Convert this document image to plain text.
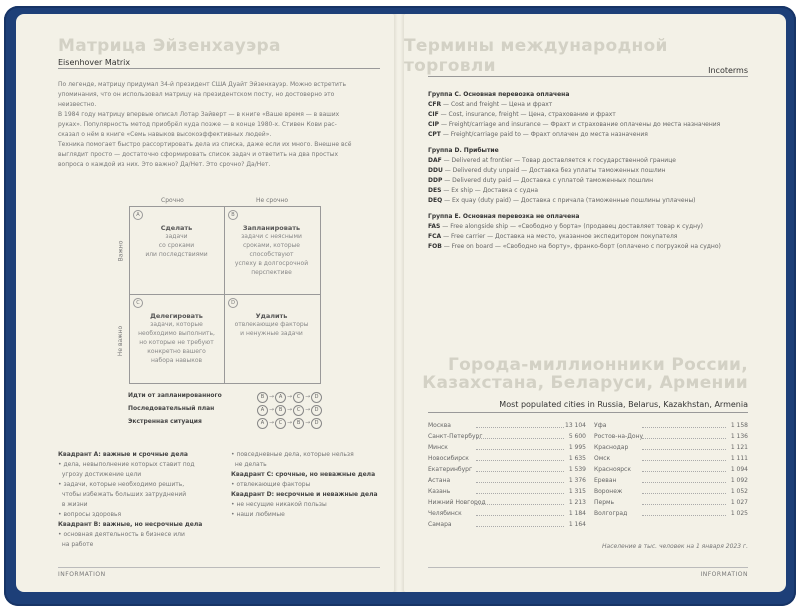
Матрица Эйзенхауэра
Eisenhover Matrix
По легенде, матрицу придумал 34-й президент США Дуайт Эйзенхауэр. Можно встретить
упоминания, что он использовал матрицу на президентском посту, но достоверно это
неизвестно.
В 1984 году матрицу впервые описал Лотар Зайверт — в книге «Ваше время — в ваших
руках». Популярность метод приобрёл куда позже — в конце 1980-х. Стивен Кови рас-
сказал о нём в книге «Семь навыков высокоэффективных людей».
Техника помогает быстро рассортировать дела из списка, даже если их много. Внешне всё
выглядит просто — достаточно сформировать список задач и ответить на два простых
вопроса о каждой из них. Это важно? Да/Нет. Это срочно? Да/Нет.
Срочно	Не срочно
Важно
Не важно
A
Сделать
задачи
со сроками
или последствиями
B
Запланировать
задачи с неясными
сроками, которые
способствуют
успеху в долгосрочной
перспективе
C
Делегировать
задачи, которые
необходимо выполнить,
но которые не требуют
конкретно вашего
набора навыков
D
Удалить
отвлекающие факторы
и ненужные задачи
Идти от запланированного	B → A → C → D
Последовательный план	A → B → C → D
Экстренная ситуация	A → C → B → D
Квадрант A: важные и срочные дела
• дела, невыполнение которых ставит под
угрозу достижение цели
• задачи, которые необходимо решить,
чтобы избежать больших затруднений
в жизни
• вопросы здоровья
Квадрант B: важные, но несрочные дела
• основная деятельность в бизнесе или
на работе
• повседневные дела, которые нельзя
не делать
Квадрант C: срочные, но неважные дела
• отвлекающие факторы
Квадрант D: несрочные и неважные дела
• не несущие никакой пользы
• наши любимые
INFORMATION
Термины международной торговли	Incoterms
Группа C. Основная перевозка оплачена
CFR — Cost and freight — Цена и фрахт
CIF — Cost, insurance, freight — Цена, страхование и фрахт
CIP — Freight/carriage and insurance — Фрахт и страхование оплачены до места назначения
CPT — Freight/carriage paid to — Фрахт оплачен до места назначения
Группа D. Прибытие
DAF — Delivered at frontier — Товар доставляется к государственной границе
DDU — Delivered duty unpaid — Доставка без уплаты таможенных пошлин
DDP — Delivered duty paid — Доставка с уплатой таможенных пошлин
DES — Ex ship — Доставка с судна
DEQ — Ex quay (duty paid) — Доставка с причала (таможенные пошлины уплачены)
Группа E. Основная перевозка не оплачена
FAS — Free alongside ship — «Свободно у борта» (продавец доставляет товар к судну)
FCA — Free carrier — Доставка на место, указанное экспедитором покупателя
FOB — Free on board — «Свободно на борту», франко-борт (оплачено с погрузкой на судно)
Города-миллионники России,
Казахстана, Беларуси, Армении
Most populated cities in Russia, Belarus, Kazakhstan, Armenia
Москва	13 104
Санкт-Петербург	5 600
Минск	1 995
Новосибирск	1 635
Екатеринбург	1 539
Астана	1 376
Казань	1 315
Нижний Новгород	1 213
Челябинск	1 184
Самара	1 164
Уфа	1 158
Ростов-на-Дону	1 136
Краснодар	1 121
Омск	1 111
Красноярск	1 094
Ереван	1 092
Воронеж	1 052
Пермь	1 027
Волгоград	1 025
Население в тыс. человек на 1 января 2023 г.
INFORMATION
